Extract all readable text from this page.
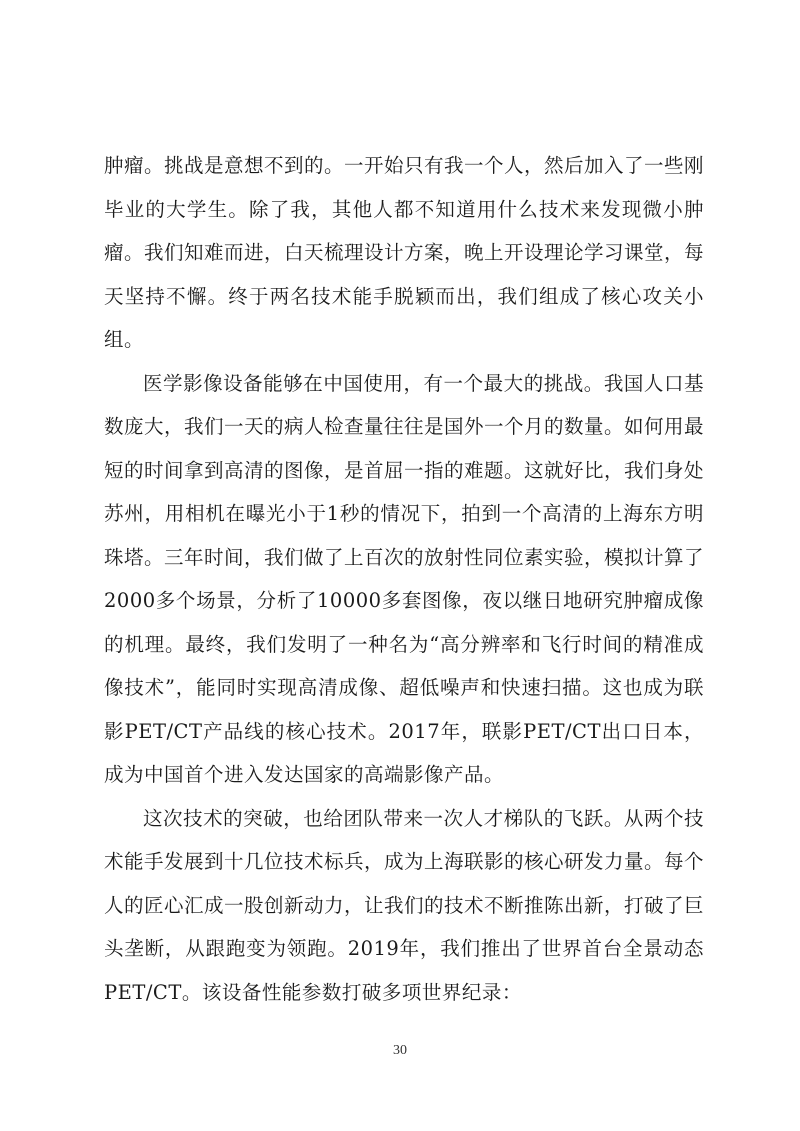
肿瘤。挑战是意想不到的。一开始只有我一个人，然后加入了一些刚毕业的大学生。除了我，其他人都不知道用什么技术来发现微小肿瘤。我们知难而进，白天梳理设计方案，晚上开设理论学习课堂，每天坚持不懈。终于两名技术能手脱颖而出，我们组成了核心攻关小组。

医学影像设备能够在中国使用，有一个最大的挑战。我国人口基数庞大，我们一天的病人检查量往往是国外一个月的数量。如何用最短的时间拿到高清的图像，是首屈一指的难题。这就好比，我们身处苏州，用相机在曝光小于1秒的情况下，拍到一个高清的上海东方明珠塔。三年时间，我们做了上百次的放射性同位素实验，模拟计算了2000多个场景，分析了10000多套图像，夜以继日地研究肿瘤成像的机理。最终，我们发明了一种名为“高分辨率和飞行时间的精准成像技术”，能同时实现高清成像、超低噪声和快速扫描。这也成为联影PET/CT产品线的核心技术。2017年，联影PET/CT出口日本，成为中国首个进入发达国家的高端影像产品。

这次技术的突破，也给团队带来一次人才梯队的飞跃。从两个技术能手发展到十几位技术标兵，成为上海联影的核心研发力量。每个人的匠心汇成一股创新动力，让我们的技术不断推陈出新，打破了巨头垄断，从跟跑变为领跑。2019年，我们推出了世界首台全景动态PET/CT。该设备性能参数打破多项世界纪录：

30
